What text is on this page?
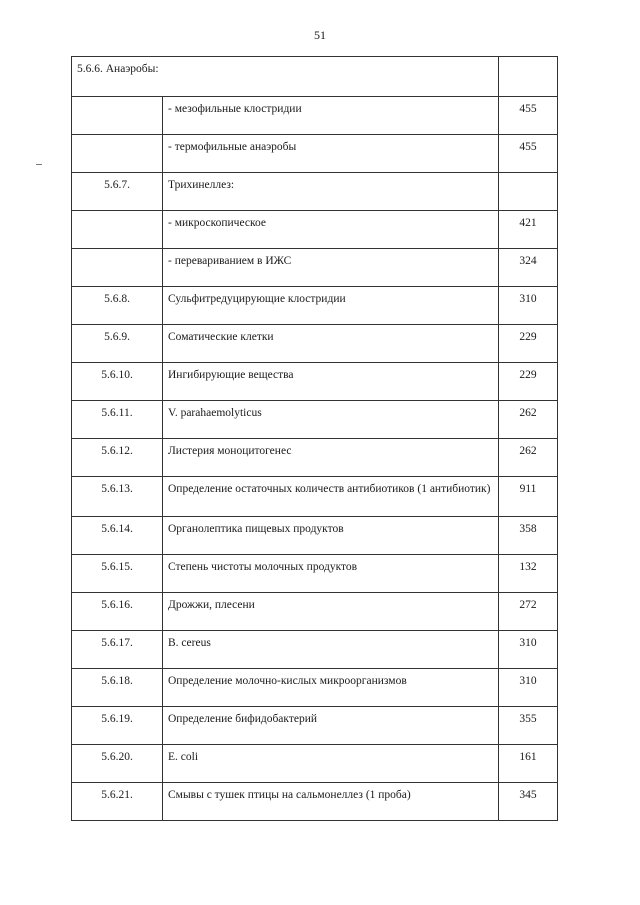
51
5.6.6. Анаэробы:		
	- мезофильные клостридии	455
	- термофильные анаэробы	455
5.6.7.	Трихинеллез:	
	- микроскопическое	421
	- перевариванием в ИЖС	324
5.6.8.	Сульфитредуцирующие клостридии	310
5.6.9.	Соматические клетки	229
5.6.10.	Ингибирующие вещества	229
5.6.11.	V. parahaemolyticus	262
5.6.12.	Листерия моноцитогенес	262
5.6.13.	Определение остаточных количеств антибиотиков (1 антибиотик)	911
5.6.14.	Органолептика пищевых продуктов	358
5.6.15.	Степень чистоты молочных продуктов	132
5.6.16.	Дрожжи, плесени	272
5.6.17.	B. cereus	310
5.6.18.	Определение молочно-кислых микроорганизмов	310
5.6.19.	Определение бифидобактерий	355
5.6.20.	E. coli	161
5.6.21.	Смывы с тушек птицы на сальмонеллез (1 проба)	345
